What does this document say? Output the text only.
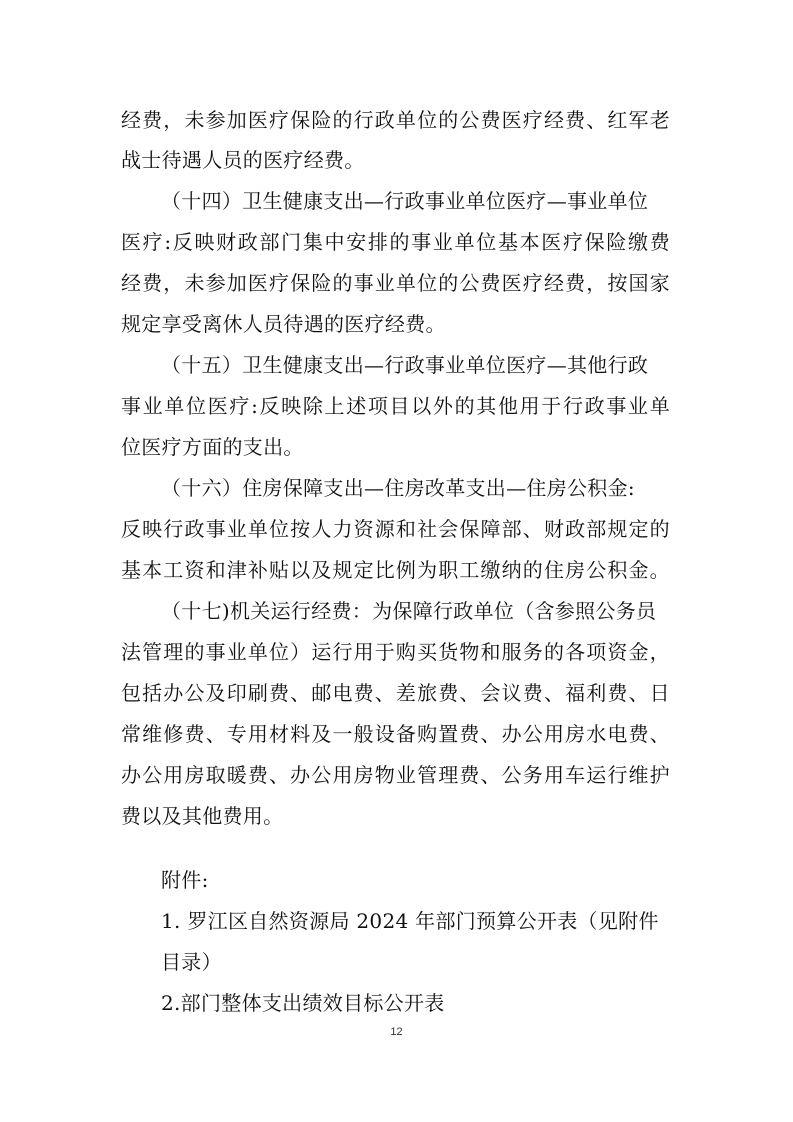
经费，未参加医疗保险的行政单位的公费医疗经费、红军老
战士待遇人员的医疗经费。
（十四）卫生健康支出—行政事业单位医疗—事业单位
医疗:反映财政部门集中安排的事业单位基本医疗保险缴费
经费，未参加医疗保险的事业单位的公费医疗经费，按国家
规定享受离休人员待遇的医疗经费。
（十五）卫生健康支出—行政事业单位医疗—其他行政
事业单位医疗:反映除上述项目以外的其他用于行政事业单
位医疗方面的支出。
（十六）住房保障支出—住房改革支出—住房公积金:
反映行政事业单位按人力资源和社会保障部、财政部规定的
基本工资和津补贴以及规定比例为职工缴纳的住房公积金。
（十七)机关运行经费：为保障行政单位（含参照公务员
法管理的事业单位）运行用于购买货物和服务的各项资金，
包括办公及印刷费、邮电费、差旅费、会议费、福利费、日
常维修费、专用材料及一般设备购置费、办公用房水电费、
办公用房取暖费、办公用房物业管理费、公务用车运行维护
费以及其他费用。
附件:
1. 罗江区自然资源局 2024 年部门预算公开表（见附件
目录）
2.部门整体支出绩效目标公开表
12
